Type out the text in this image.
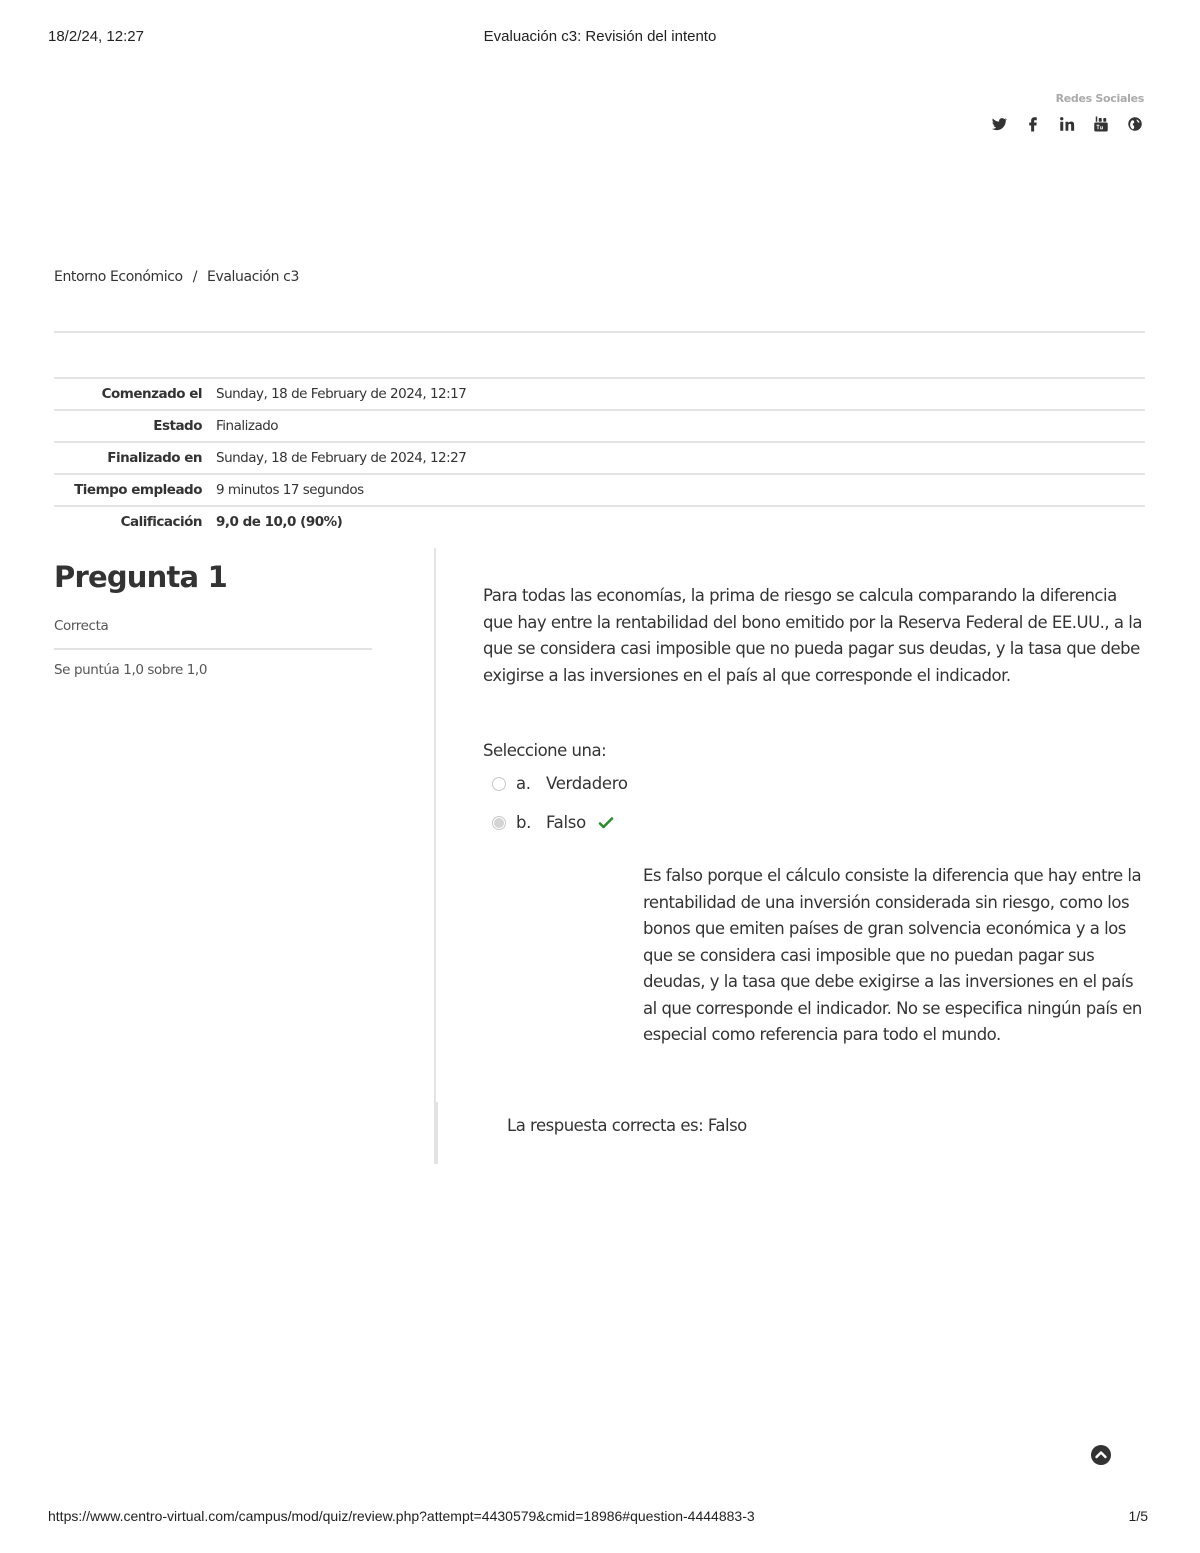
18/2/24, 12:27	Evaluación c3: Revisión del intento
Redes Sociales
Entorno Económico / Evaluación c3
Comenzado el	Sunday, 18 de February de 2024, 12:17
Estado	Finalizado
Finalizado en	Sunday, 18 de February de 2024, 12:27
Tiempo empleado	9 minutos 17 segundos
Calificación	9,0 de 10,0 (90%)
Pregunta 1
Correcta
Se puntúa 1,0 sobre 1,0
Para todas las economías, la prima de riesgo se calcula comparando la diferencia que hay entre la rentabilidad del bono emitido por la Reserva Federal de EE.UU., a la que se considera casi imposible que no pueda pagar sus deudas, y la tasa que debe exigirse a las inversiones en el país al que corresponde el indicador.
Seleccione una:
a. Verdadero
b. Falso
Es falso porque el cálculo consiste la diferencia que hay entre la rentabilidad de una inversión considerada sin riesgo, como los bonos que emiten países de gran solvencia económica y a los que se considera casi imposible que no puedan pagar sus deudas, y la tasa que debe exigirse a las inversiones en el país al que corresponde el indicador. No se especifica ningún país en especial como referencia para todo el mundo.
La respuesta correcta es: Falso
https://www.centro-virtual.com/campus/mod/quiz/review.php?attempt=4430579&cmid=18986#question-4444883-3	1/5
